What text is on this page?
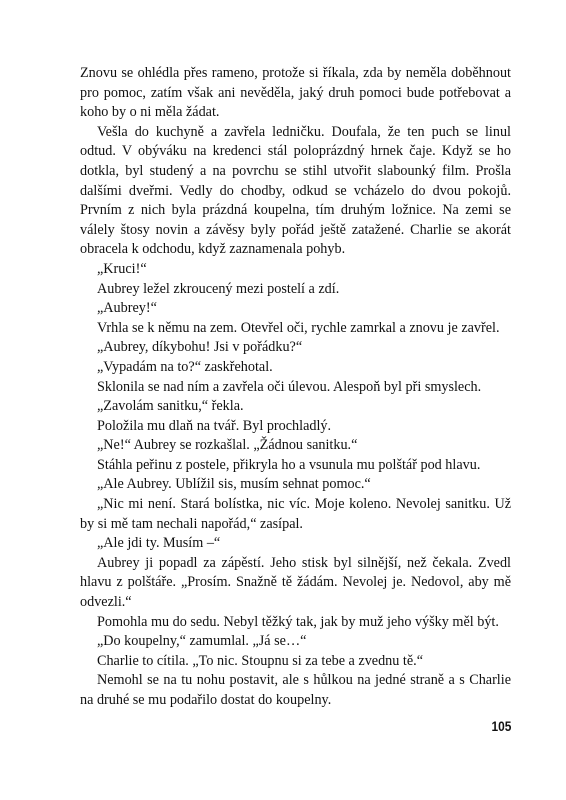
Znovu se ohlédla přes rameno, protože si říkala, zda by neměla doběhnout pro pomoc, zatím však ani nevěděla, jaký druh pomoci bude potřebovat a koho by o ni měla žádat.

Vešla do kuchyně a zavřela ledničku. Doufala, že ten puch se linul odtud. V obýváku na kredenci stál poloprázdný hrnek čaje. Když se ho dotkla, byl studený a na povrchu se stihl utvořit slabounký film. Prošla dalšími dveřmi. Vedly do chodby, odkud se vcházelo do dvou pokojů. Prvním z nich byla prázdná koupelna, tím druhým ložnice. Na zemi se válely štosy novin a závěsy byly pořád ještě zatažené. Charlie se akorát obracela k odchodu, když zaznamenala pohyb.

„Kruci!“

Aubrey ležel zkroucený mezi postelí a zdí.

„Aubrey!“

Vrhla se k němu na zem. Otevřel oči, rychle zamrkal a znovu je zavřel.

„Aubrey, díkybohu! Jsi v pořádku?“

„Vypadám na to?“ zaskřehotal.

Sklonila se nad ním a zavřela oči úlevou. Alespoň byl při smyslech.

„Zavolám sanitku,“ řekla.

Položila mu dlaň na tvář. Byl prochladlý.

„Ne!“ Aubrey se rozkašlal. „Žádnou sanitku.“

Stáhla peřinu z postele, přikryla ho a vsunula mu polštář pod hlavu.

„Ale Aubrey. Ublížil sis, musím sehnat pomoc.“

„Nic mi není. Stará bolístka, nic víc. Moje koleno. Nevolej sanitku. Už by si mě tam nechali napořád,“ zasípal.

„Ale jdi ty. Musím –“

Aubrey ji popadl za zápěstí. Jeho stisk byl silnější, než čekala. Zvedl hlavu z polštáře. „Prosím. Snažně tě žádám. Nevolej je. Nedovol, aby mě odvezli.“

Pomohla mu do sedu. Nebyl těžký tak, jak by muž jeho výšky měl být.

„Do koupelny,“ zamumlal. „Já se…“

Charlie to cítila. „To nic. Stoupnu si za tebe a zvednu tě.“

Nemohl se na tu nohu postavit, ale s hůlkou na jedné straně a s Charlie na druhé se mu podařilo dostat do koupelny.

105
